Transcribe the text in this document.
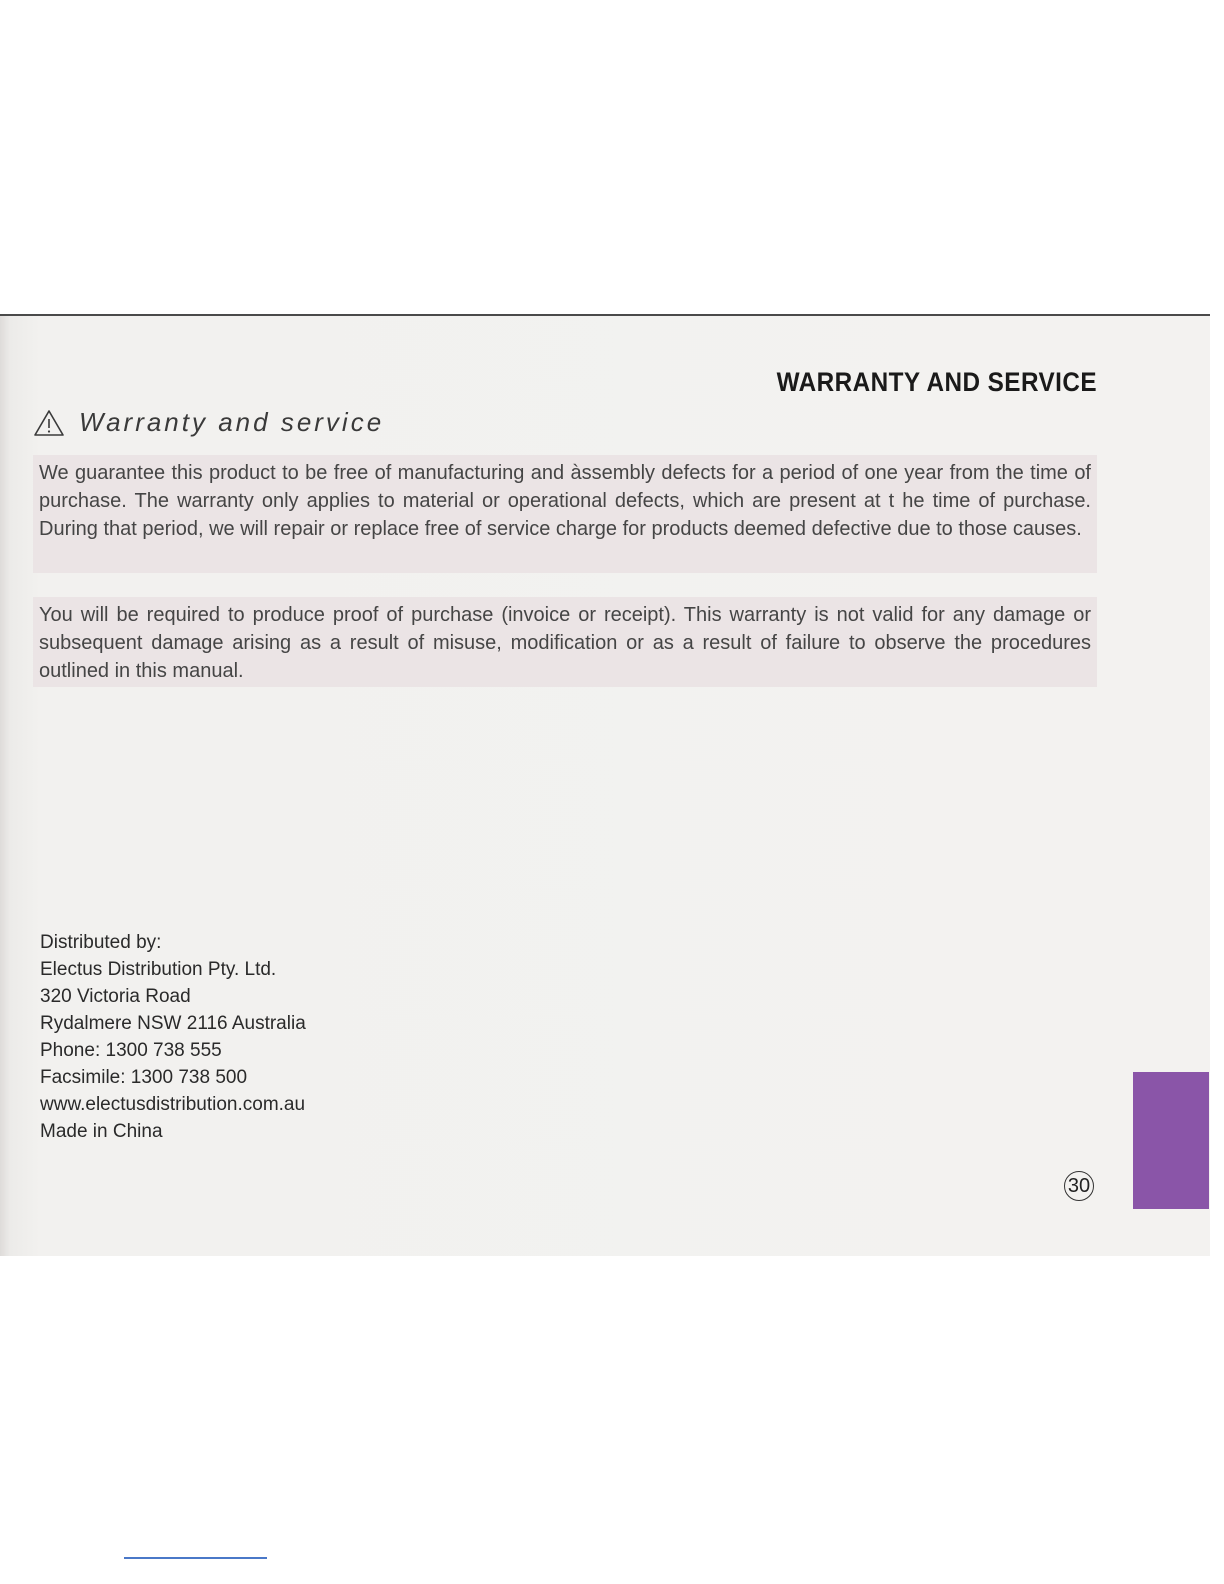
WARRANTY AND SERVICE
Warranty and service
We guarantee this product to be free of manufacturing and àssembly defects for a period of one year from the time of purchase. The warranty only applies to material or operational defects, which are present at t he time of purchase. During that period, we will repair or replace free of service charge for products deemed defective due to those causes.
You will be required to produce proof of purchase (invoice or receipt). This warranty is not valid for any damage or subsequent damage arising as a result of misuse, modification or as a result of failure to observe the procedures outlined in this manual.
Distributed by:
Electus Distribution Pty. Ltd.
320 Victoria Road
Rydalmere NSW 2116 Australia
Phone: 1300 738 555
Facsimile: 1300 738 500
www.electusdistribution.com.au
Made in China
30
